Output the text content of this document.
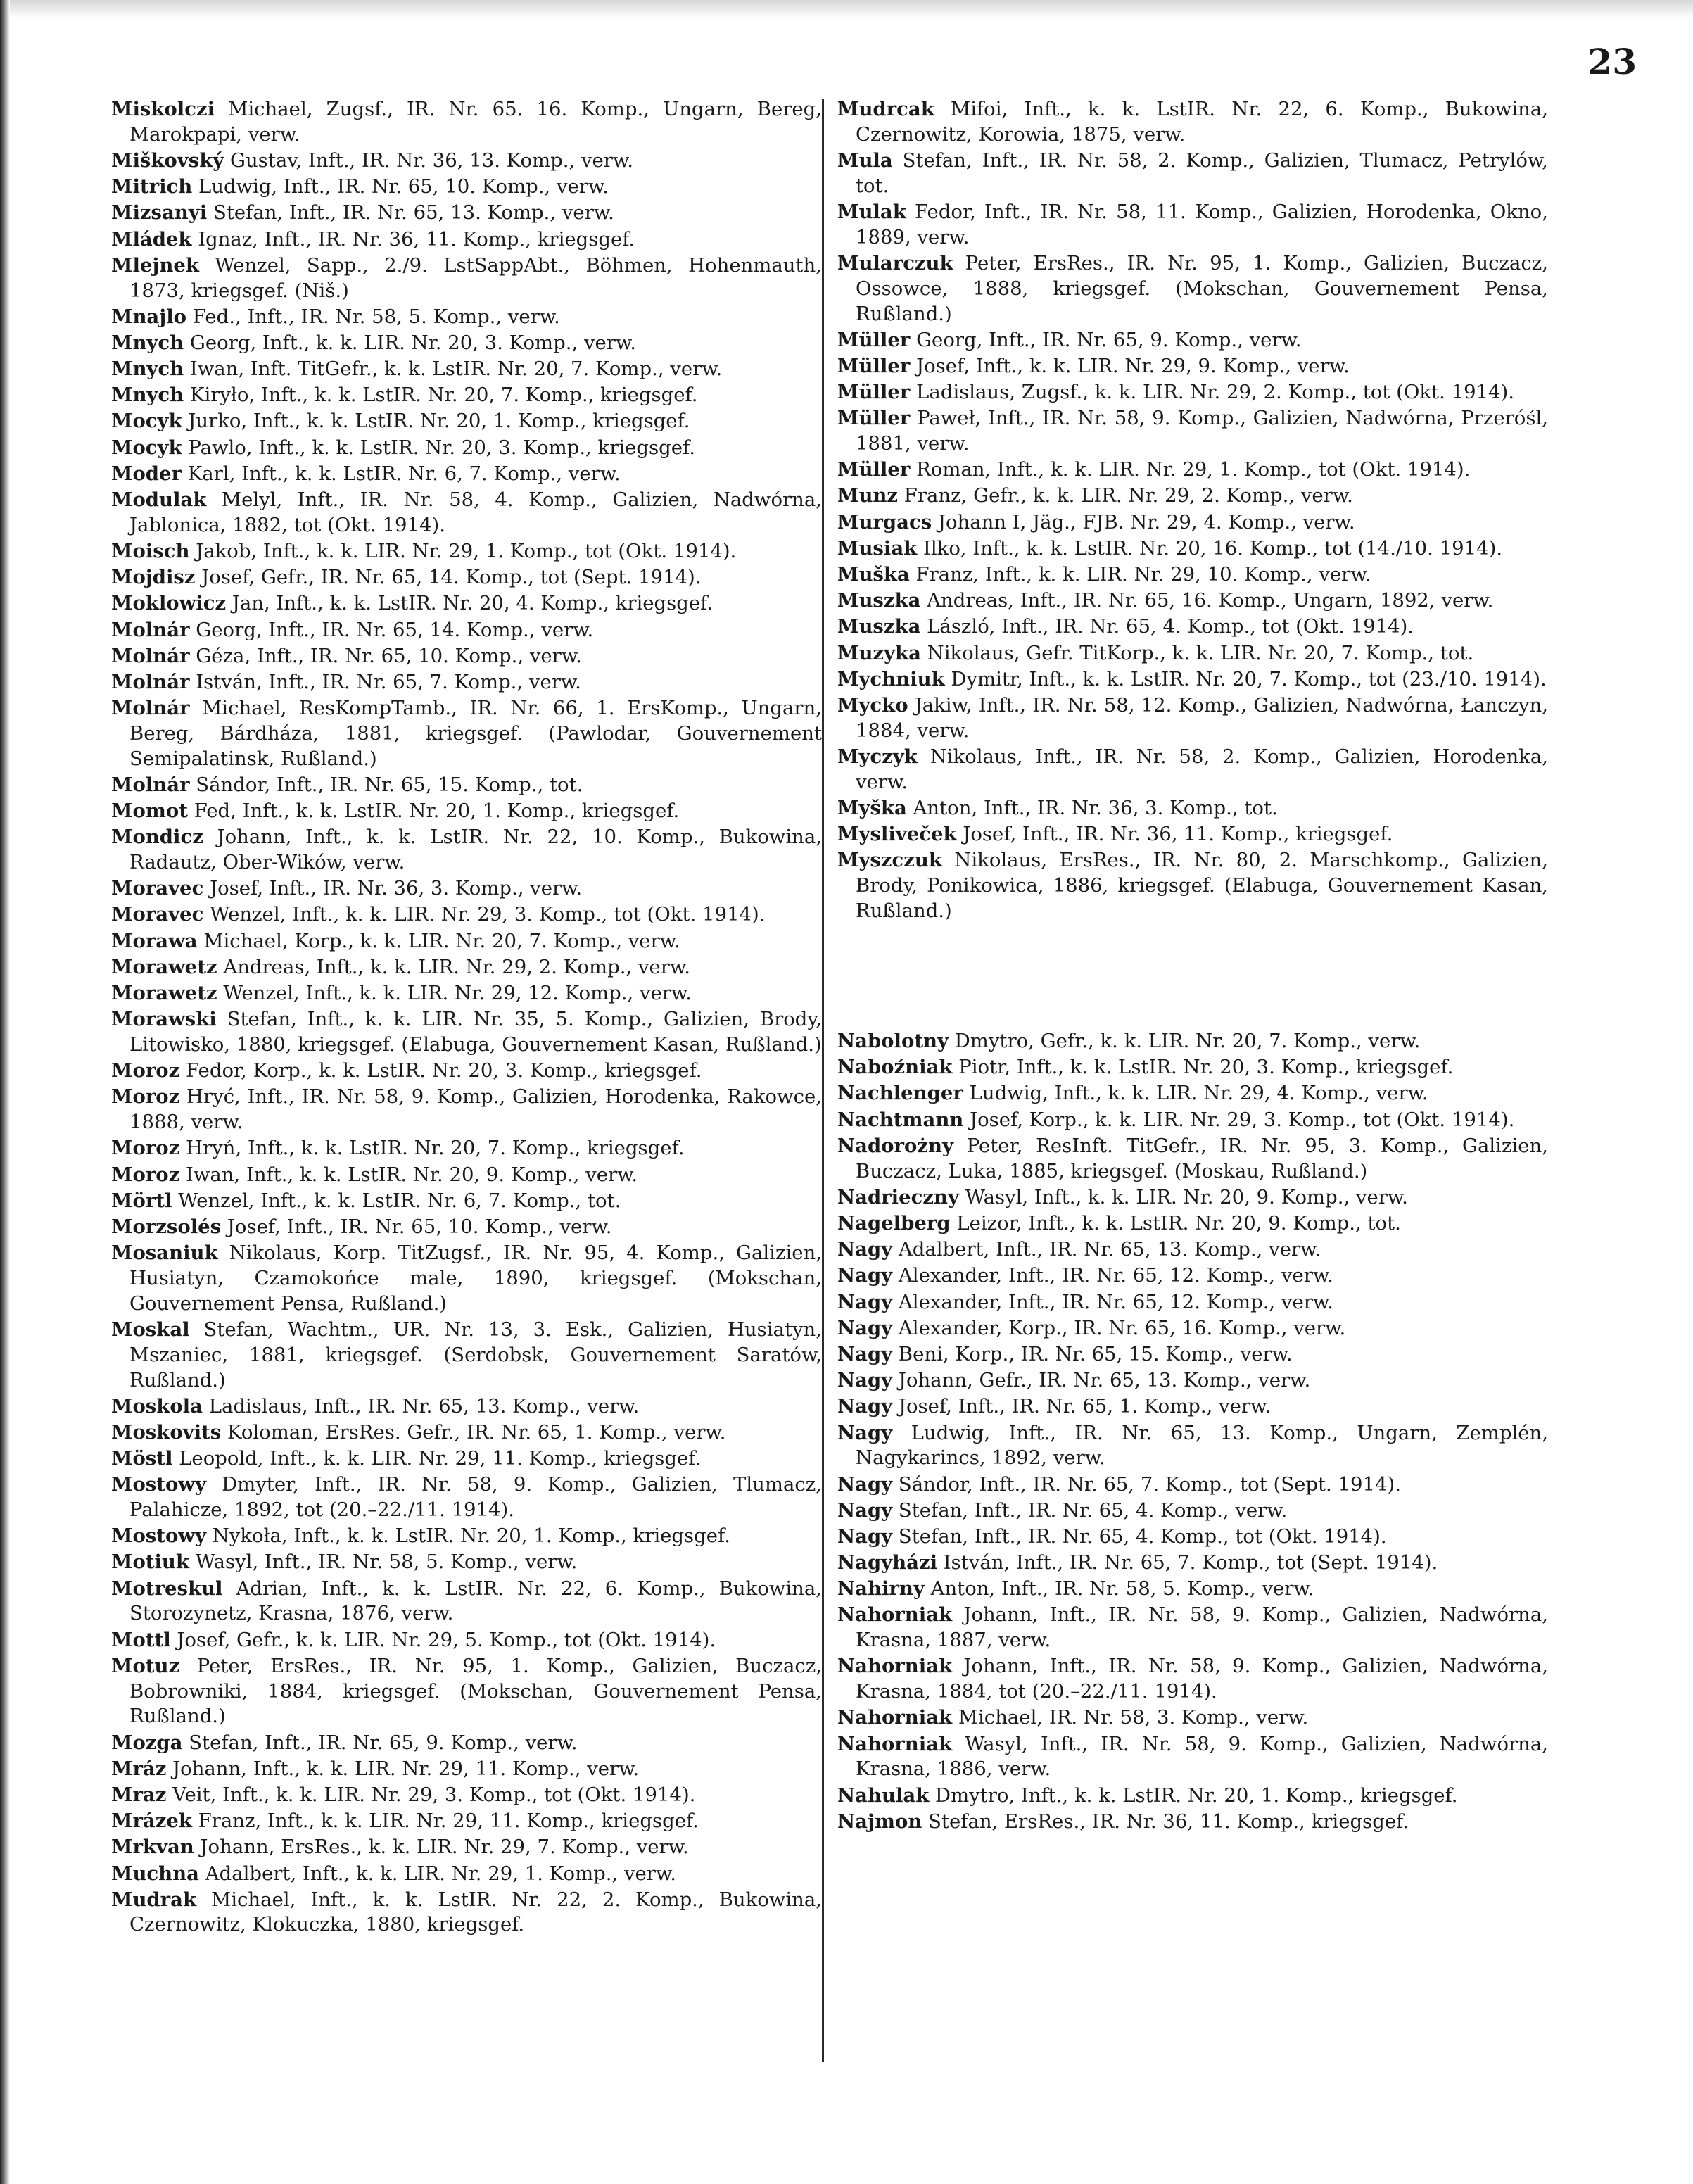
23

Miskolczi Michael, Zugsf., IR. Nr. 65. 16. Komp., Ungarn, Bereg, Marokpapi, verw.

Miškovský Gustav, Inft., IR. Nr. 36, 13. Komp., verw.

Mitrich Ludwig, Inft., IR. Nr. 65, 10. Komp., verw.

Mizsanyi Stefan, Inft., IR. Nr. 65, 13. Komp., verw.

Mládek Ignaz, Inft., IR. Nr. 36, 11. Komp., kriegsgef.

Mlejnek Wenzel, Sapp., 2./9. LstSappAbt., Böhmen, Hohenmauth, 1873, kriegsgef. (Niš.)

Mnajlo Fed., Inft., IR. Nr. 58, 5. Komp., verw.

Mnych Georg, Inft., k. k. LIR. Nr. 20, 3. Komp., verw.

Mnych Iwan, Inft. TitGefr., k. k. LstIR. Nr. 20, 7. Komp., verw.

Mnych Kiryło, Inft., k. k. LstIR. Nr. 20, 7. Komp., kriegsgef.

Mocyk Jurko, Inft., k. k. LstIR. Nr. 20, 1. Komp., kriegsgef.

Mocyk Pawlo, Inft., k. k. LstIR. Nr. 20, 3. Komp., kriegsgef.

Moder Karl, Inft., k. k. LstIR. Nr. 6, 7. Komp., verw.

Modulak Melyl, Inft., IR. Nr. 58, 4. Komp., Galizien, Nadwórna, Jablonica, 1882, tot (Okt. 1914).

Moisch Jakob, Inft., k. k. LIR. Nr. 29, 1. Komp., tot (Okt. 1914).

Mojdisz Josef, Gefr., IR. Nr. 65, 14. Komp., tot (Sept. 1914).

Moklowicz Jan, Inft., k. k. LstIR. Nr. 20, 4. Komp., kriegsgef.

Molnár Georg, Inft., IR. Nr. 65, 14. Komp., verw.

Molnár Géza, Inft., IR. Nr. 65, 10. Komp., verw.

Molnár István, Inft., IR. Nr. 65, 7. Komp., verw.

Molnár Michael, ResKompTamb., IR. Nr. 66, 1. ErsKomp., Ungarn, Bereg, Bárdháza, 1881, kriegsgef. (Pawlodar, Gouvernement Semipalatinsk, Rußland.)

Molnár Sándor, Inft., IR. Nr. 65, 15. Komp., tot.

Momot Fed, Inft., k. k. LstIR. Nr. 20, 1. Komp., kriegsgef.

Mondicz Johann, Inft., k. k. LstIR. Nr. 22, 10. Komp., Bukowina, Radautz, Ober-Wików, verw.

Moravec Josef, Inft., IR. Nr. 36, 3. Komp., verw.

Moravec Wenzel, Inft., k. k. LIR. Nr. 29, 3. Komp., tot (Okt. 1914).

Morawa Michael, Korp., k. k. LIR. Nr. 20, 7. Komp., verw.

Morawetz Andreas, Inft., k. k. LIR. Nr. 29, 2. Komp., verw.

Morawetz Wenzel, Inft., k. k. LIR. Nr. 29, 12. Komp., verw.

Morawski Stefan, Inft., k. k. LIR. Nr. 35, 5. Komp., Galizien, Brody, Litowisko, 1880, kriegsgef. (Elabuga, Gouvernement Kasan, Rußland.)

Moroz Fedor, Korp., k. k. LstIR. Nr. 20, 3. Komp., kriegsgef.

Moroz Hryć, Inft., IR. Nr. 58, 9. Komp., Galizien, Horodenka, Rakowce, 1888, verw.

Moroz Hryń, Inft., k. k. LstIR. Nr. 20, 7. Komp., kriegsgef.

Moroz Iwan, Inft., k. k. LstIR. Nr. 20, 9. Komp., verw.

Mörtl Wenzel, Inft., k. k. LstIR. Nr. 6, 7. Komp., tot.

Morzsolés Josef, Inft., IR. Nr. 65, 10. Komp., verw.

Mosaniuk Nikolaus, Korp. TitZugsf., IR. Nr. 95, 4. Komp., Galizien, Husiatyn, Czamokońce male, 1890, kriegsgef. (Mokschan, Gouvernement Pensa, Rußland.)

Moskal Stefan, Wachtm., UR. Nr. 13, 3. Esk., Galizien, Husiatyn, Mszaniec, 1881, kriegsgef. (Serdobsk, Gouvernement Saratów, Rußland.)

Moskola Ladislaus, Inft., IR. Nr. 65, 13. Komp., verw.

Moskovits Koloman, ErsRes. Gefr., IR. Nr. 65, 1. Komp., verw.

Möstl Leopold, Inft., k. k. LIR. Nr. 29, 11. Komp., kriegsgef.

Mostowy Dmyter, Inft., IR. Nr. 58, 9. Komp., Galizien, Tlumacz, Palahicze, 1892, tot (20.–22./11. 1914).

Mostowy Nykoła, Inft., k. k. LstIR. Nr. 20, 1. Komp., kriegsgef.

Motiuk Wasyl, Inft., IR. Nr. 58, 5. Komp., verw.

Motreskul Adrian, Inft., k. k. LstIR. Nr. 22, 6. Komp., Bukowina, Storozynetz, Krasna, 1876, verw.

Mottl Josef, Gefr., k. k. LIR. Nr. 29, 5. Komp., tot (Okt. 1914).

Motuz Peter, ErsRes., IR. Nr. 95, 1. Komp., Galizien, Buczacz, Bobrowniki, 1884, kriegsgef. (Mokschan, Gouvernement Pensa, Rußland.)

Mozga Stefan, Inft., IR. Nr. 65, 9. Komp., verw.

Mráz Johann, Inft., k. k. LIR. Nr. 29, 11. Komp., verw.

Mraz Veit, Inft., k. k. LIR. Nr. 29, 3. Komp., tot (Okt. 1914).

Mrázek Franz, Inft., k. k. LIR. Nr. 29, 11. Komp., kriegsgef.

Mrkvan Johann, ErsRes., k. k. LIR. Nr. 29, 7. Komp., verw.

Muchna Adalbert, Inft., k. k. LIR. Nr. 29, 1. Komp., verw.

Mudrak Michael, Inft., k. k. LstIR. Nr. 22, 2. Komp., Bukowina, Czernowitz, Klokuczka, 1880, kriegsgef.

Mudrcak Mifoi, Inft., k. k. LstIR. Nr. 22, 6. Komp., Bukowina, Czernowitz, Korowia, 1875, verw.

Mula Stefan, Inft., IR. Nr. 58, 2. Komp., Galizien, Tlumacz, Petrylów, tot.

Mulak Fedor, Inft., IR. Nr. 58, 11. Komp., Galizien, Horodenka, Okno, 1889, verw.

Mularczuk Peter, ErsRes., IR. Nr. 95, 1. Komp., Galizien, Buczacz, Ossowce, 1888, kriegsgef. (Mokschan, Gouvernement Pensa, Rußland.)

Müller Georg, Inft., IR. Nr. 65, 9. Komp., verw.

Müller Josef, Inft., k. k. LIR. Nr. 29, 9. Komp., verw.

Müller Ladislaus, Zugsf., k. k. LIR. Nr. 29, 2. Komp., tot (Okt. 1914).

Müller Paweł, Inft., IR. Nr. 58, 9. Komp., Galizien, Nadwórna, Przeróśl, 1881, verw.

Müller Roman, Inft., k. k. LIR. Nr. 29, 1. Komp., tot (Okt. 1914).

Munz Franz, Gefr., k. k. LIR. Nr. 29, 2. Komp., verw.

Murgacs Johann I, Jäg., FJB. Nr. 29, 4. Komp., verw.

Musiak Ilko, Inft., k. k. LstIR. Nr. 20, 16. Komp., tot (14./10. 1914).

Muška Franz, Inft., k. k. LIR. Nr. 29, 10. Komp., verw.

Muszka Andreas, Inft., IR. Nr. 65, 16. Komp., Ungarn, 1892, verw.

Muszka László, Inft., IR. Nr. 65, 4. Komp., tot (Okt. 1914).

Muzyka Nikolaus, Gefr. TitKorp., k. k. LIR. Nr. 20, 7. Komp., tot.

Mychniuk Dymitr, Inft., k. k. LstIR. Nr. 20, 7. Komp., tot (23./10. 1914).

Mycko Jakiw, Inft., IR. Nr. 58, 12. Komp., Galizien, Nadwórna, Łanczyn, 1884, verw.

Myczyk Nikolaus, Inft., IR. Nr. 58, 2. Komp., Galizien, Horodenka, verw.

Myška Anton, Inft., IR. Nr. 36, 3. Komp., tot.

Mysliveček Josef, Inft., IR. Nr. 36, 11. Komp., kriegsgef.

Myszczuk Nikolaus, ErsRes., IR. Nr. 80, 2. Marschkomp., Galizien, Brody, Ponikowica, 1886, kriegsgef. (Elabuga, Gouvernement Kasan, Rußland.)

Nabolotny Dmytro, Gefr., k. k. LIR. Nr. 20, 7. Komp., verw.

Naboźniak Piotr, Inft., k. k. LstIR. Nr. 20, 3. Komp., kriegsgef.

Nachlenger Ludwig, Inft., k. k. LIR. Nr. 29, 4. Komp., verw.

Nachtmann Josef, Korp., k. k. LIR. Nr. 29, 3. Komp., tot (Okt. 1914).

Nadorożny Peter, ResInft. TitGefr., IR. Nr. 95, 3. Komp., Galizien, Buczacz, Luka, 1885, kriegsgef. (Moskau, Rußland.)

Nadrieczny Wasyl, Inft., k. k. LIR. Nr. 20, 9. Komp., verw.

Nagelberg Leizor, Inft., k. k. LstIR. Nr. 20, 9. Komp., tot.

Nagy Adalbert, Inft., IR. Nr. 65, 13. Komp., verw.

Nagy Alexander, Inft., IR. Nr. 65, 12. Komp., verw.

Nagy Alexander, Inft., IR. Nr. 65, 12. Komp., verw.

Nagy Alexander, Korp., IR. Nr. 65, 16. Komp., verw.

Nagy Beni, Korp., IR. Nr. 65, 15. Komp., verw.

Nagy Johann, Gefr., IR. Nr. 65, 13. Komp., verw.

Nagy Josef, Inft., IR. Nr. 65, 1. Komp., verw.

Nagy Ludwig, Inft., IR. Nr. 65, 13. Komp., Ungarn, Zemplén, Nagykarincs, 1892, verw.

Nagy Sándor, Inft., IR. Nr. 65, 7. Komp., tot (Sept. 1914).

Nagy Stefan, Inft., IR. Nr. 65, 4. Komp., verw.

Nagy Stefan, Inft., IR. Nr. 65, 4. Komp., tot (Okt. 1914).

Nagyházi István, Inft., IR. Nr. 65, 7. Komp., tot (Sept. 1914).

Nahirny Anton, Inft., IR. Nr. 58, 5. Komp., verw.

Nahorniak Johann, Inft., IR. Nr. 58, 9. Komp., Galizien, Nadwórna, Krasna, 1887, verw.

Nahorniak Johann, Inft., IR. Nr. 58, 9. Komp., Galizien, Nadwórna, Krasna, 1884, tot (20.–22./11. 1914).

Nahorniak Michael, IR. Nr. 58, 3. Komp., verw.

Nahorniak Wasyl, Inft., IR. Nr. 58, 9. Komp., Galizien, Nadwórna, Krasna, 1886, verw.

Nahulak Dmytro, Inft., k. k. LstIR. Nr. 20, 1. Komp., kriegsgef.

Najmon Stefan, ErsRes., IR. Nr. 36, 11. Komp., kriegsgef.
